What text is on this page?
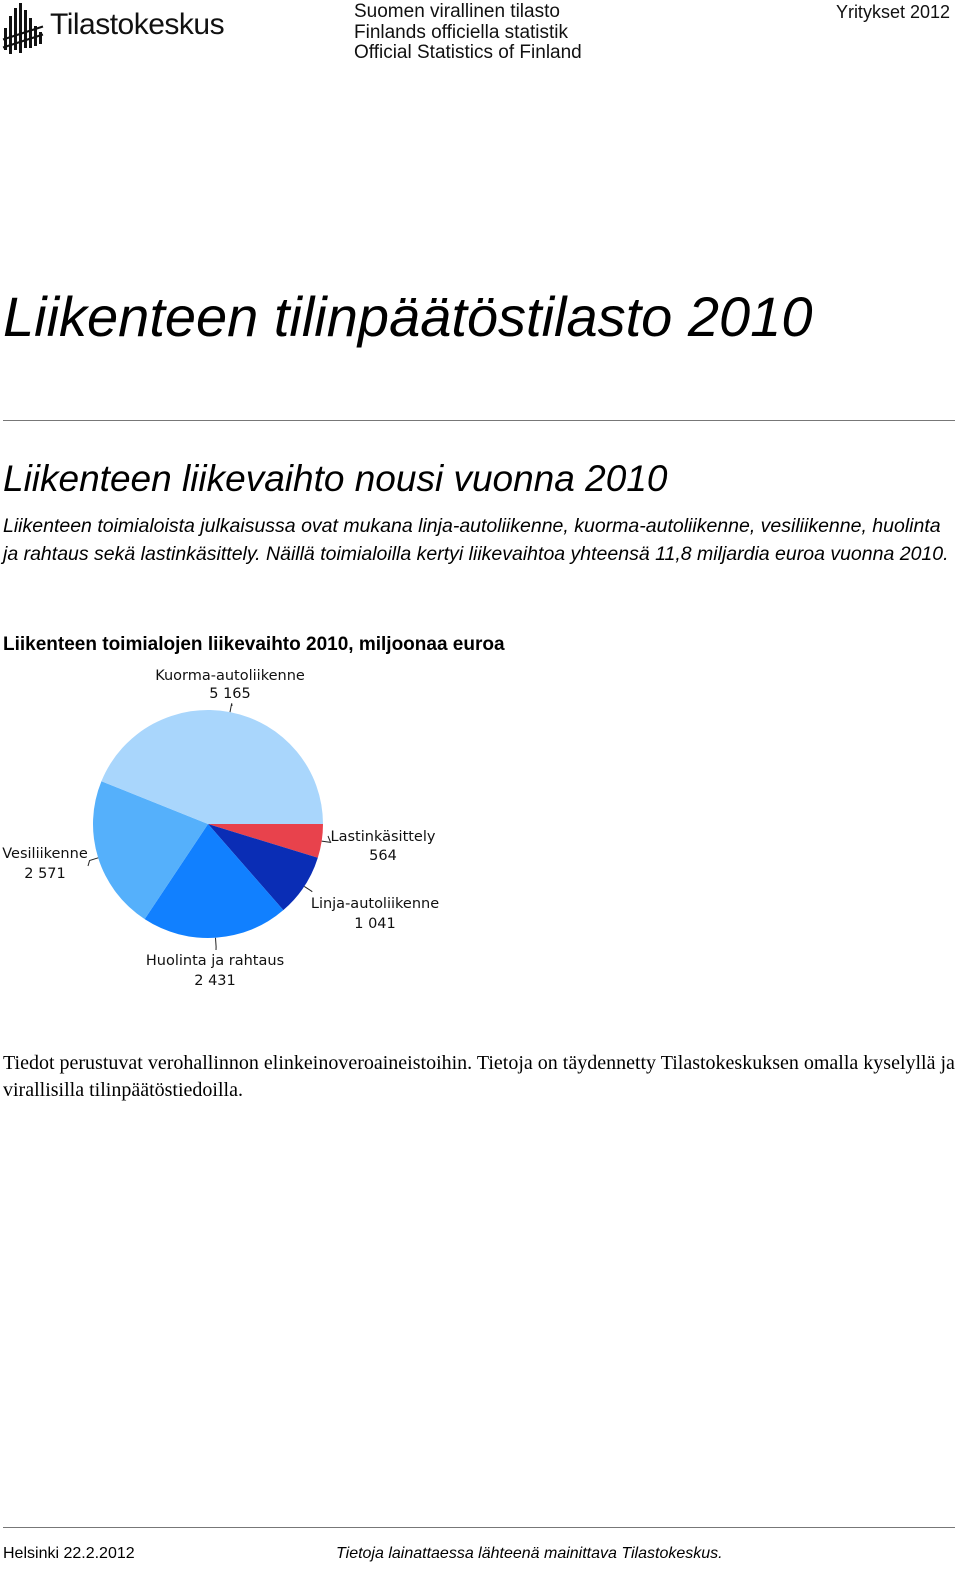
Tilastokeskus	Suomen virallinen tilasto
Finlands officiella statistik
Official Statistics of Finland
Yritykset 2012
Liikenteen tilinpäätöstilasto 2010
Liikenteen liikevaihto nousi vuonna 2010

Liikenteen toimialoista julkaisussa ovat mukana linja-autoliikenne, kuorma-autoliikenne, vesiliikenne, huolinta ja rahtaus sekä lastinkäsittely. Näillä toimialoilla kertyi liikevaihtoa yhteensä 11,8 miljardia euroa vuonna 2010.

Liikenteen toimialojen liikevaihto 2010, miljoonaa euroa
Kuorma-autoliikenne
5 165
Lastinkäsittely
564
Linja-autoliikenne
1 041
Huolinta ja rahtaus
2 431
Vesiliikenne
2 571

Tiedot perustuvat verohallinnon elinkeinoveroaineistoihin. Tietoja on täydennetty Tilastokeskuksen omalla kyselyllä ja virallisilla tilinpäätöstiedoilla.

Helsinki 22.2.2012	Tietoja lainattaessa lähteenä mainittava Tilastokeskus.
